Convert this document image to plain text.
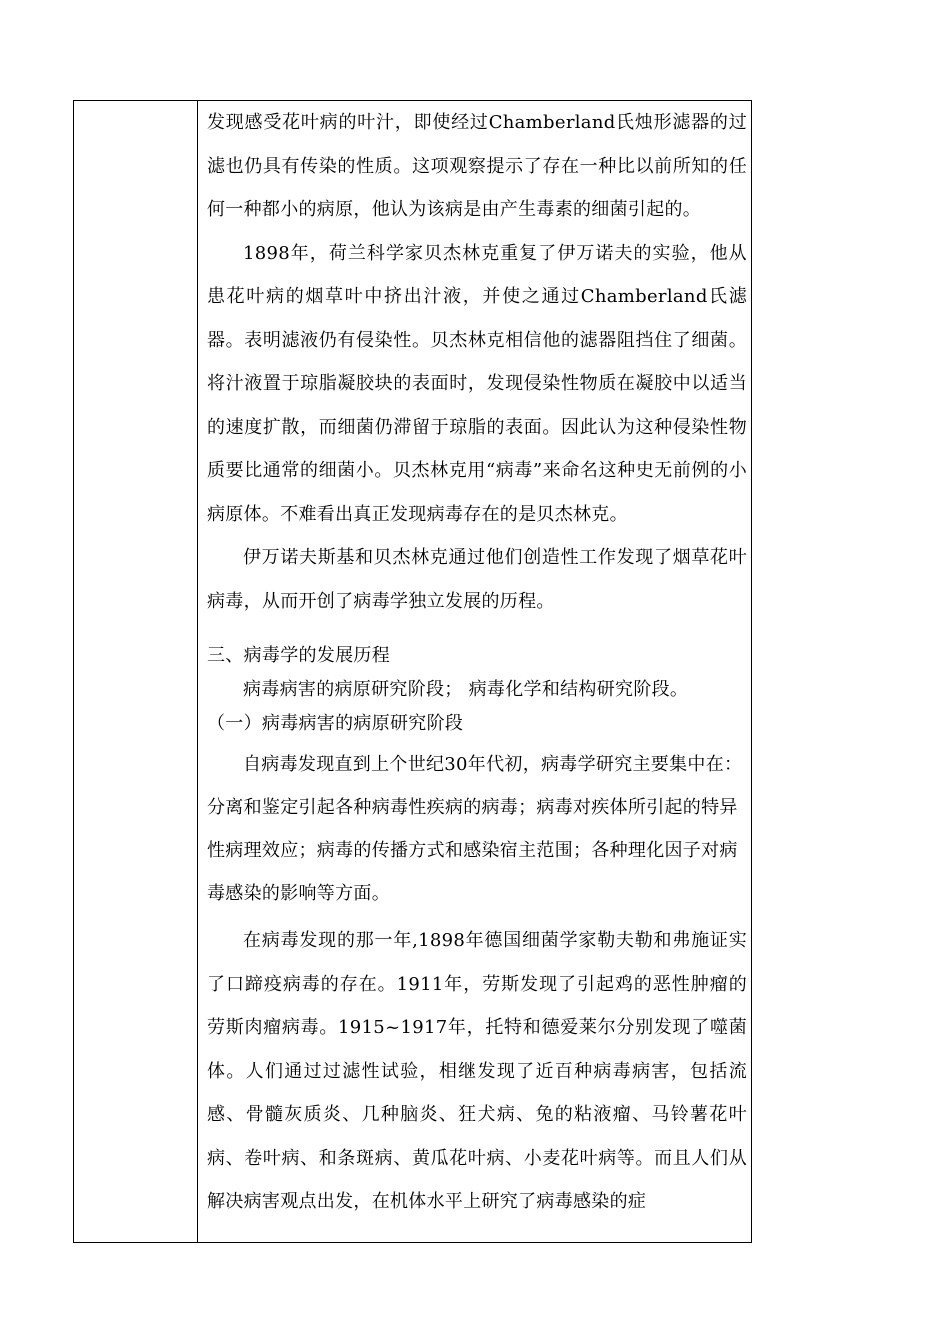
发现感受花叶病的叶汁，即使经过Chamberland氏烛形滤器的过滤也仍具有传染的性质。这项观察提示了存在一种比以前所知的任何一种都小的病原，他认为该病是由产生毒素的细菌引起的。

1898年，荷兰科学家贝杰林克重复了伊万诺夫的实验，他从患花叶病的烟草叶中挤出汁液，并使之通过Chamberland氏滤器。表明滤液仍有侵染性。贝杰林克相信他的滤器阻挡住了细菌。将汁液置于琼脂凝胶块的表面时，发现侵染性物质在凝胶中以适当的速度扩散，而细菌仍滞留于琼脂的表面。因此认为这种侵染性物质要比通常的细菌小。贝杰林克用“病毒”来命名这种史无前例的小病原体。不难看出真正发现病毒存在的是贝杰林克。

伊万诺夫斯基和贝杰林克通过他们创造性工作发现了烟草花叶病毒，从而开创了病毒学独立发展的历程。

三、病毒学的发展历程

病毒病害的病原研究阶段； 病毒化学和结构研究阶段。

（一）病毒病害的病原研究阶段

自病毒发现直到上个世纪30年代初，病毒学研究主要集中在：分离和鉴定引起各种病毒性疾病的病毒；病毒对疾体所引起的特异性病理效应；病毒的传播方式和感染宿主范围；各种理化因子对病毒感染的影响等方面。

在病毒发现的那一年,1898年德国细菌学家勒夫勒和弗施证实了口蹄疫病毒的存在。1911年，劳斯发现了引起鸡的恶性肿瘤的劳斯肉瘤病毒。1915~1917年，托特和德爱莱尔分别发现了噬菌体。人们通过过滤性试验，相继发现了近百种病毒病害，包括流感、骨髓灰质炎、几种脑炎、狂犬病、兔的粘液瘤、马铃薯花叶病、卷叶病、和条斑病、黄瓜花叶病、小麦花叶病等。而且人们从解决病害观点出发，在机体水平上研究了病毒感染的症
